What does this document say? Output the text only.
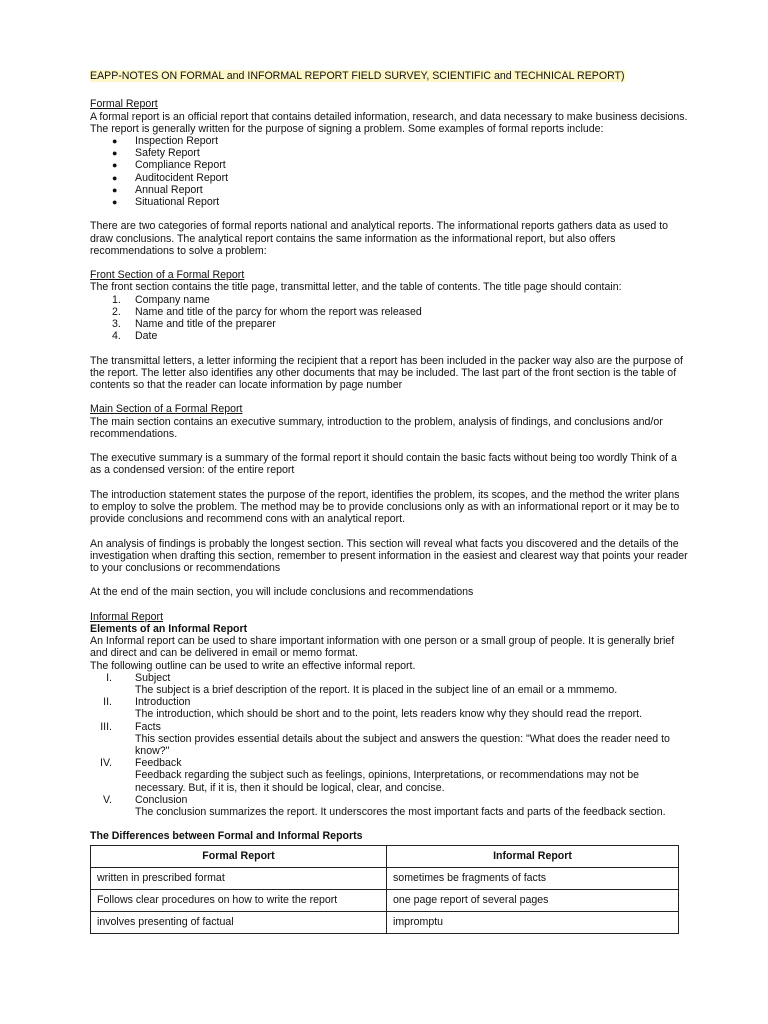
EAPP-NOTES ON FORMAL and INFORMAL REPORT FIELD SURVEY, SCIENTIFIC and TECHNICAL REPORT)

Formal Report

A formal report is an official report that contains detailed information, research, and data necessary to make business decisions. The report is generally written for the purpose of signing a problem. Some examples of formal reports include:

● Inspection Report
● Safety Report
● Compliance Report
● Auditocident Report
● Annual Report
● Situational Report

There are two categories of formal reports national and analytical reports. The informational reports gathers data as used to draw conclusions. The analytical report contains the same information as the informational report, but also offers recommendations to solve a problem:

Front Section of a Formal Report

The front section contains the title page, transmittal letter, and the table of contents. The title page should contain:

1. Company name
2. Name and title of the parcy for whom the report was released
3. Name and title of the preparer
4. Date

The transmittal letters, a letter informing the recipient that a report has been included in the packer way also are the purpose of the report. The letter also identifies any other documents that may be included. The last part of the front section is the table of contents so that the reader can locate information by page number

Main Section of a Formal Report

The main section contains an executive summary, introduction to the problem, analysis of findings, and conclusions and/or recommendations.

The executive summary is a summary of the formal report it should contain the basic facts without being too wordly Think of a as a condensed version: of the entire report

The introduction statement states the purpose of the report, identifies the problem, its scopes, and the method the writer plans to employ to solve the problem. The method may be to provide conclusions only as with an informational report or it may be to provide conclusions and recommend cons with an analytical report.

An analysis of findings is probably the longest section. This section will reveal what facts you discovered and the details of the investigation when drafting this section, remember to present information in the easiest and clearest way that points your reader to your conclusions or recommendations

At the end of the main section, you will include conclusions and recommendations

Informal Report

Elements of an Informal Report

An Informal report can be used to share important information with one person or a small group of people. It is generally brief and direct and can be delivered in email or memo format.

The following outline can be used to write an effective informal report.

I. Subject
The subject is a brief description of the report. It is placed in the subject line of an email or a mmmemo.
II. Introduction
The introduction, which should be short and to the point, lets readers know why they should read the rreport.
III. Facts
This section provides essential details about the subject and answers the question: "What does the reader need to know?"
IV. Feedback
Feedback regarding the subject such as feelings, opinions, Interpretations, or recommendations may not be necessary. But, if it is, then it should be logical, clear, and concise.
V. Conclusion
The conclusion summarizes the report. It underscores the most important facts and parts of the feedback section.

The Differences between Formal and Informal Reports

Formal Report	Informal Report
written in prescribed format	sometimes be fragments of facts
Follows clear procedures on how to write the report	one page report of several pages
involves presenting of factual	impromptu
